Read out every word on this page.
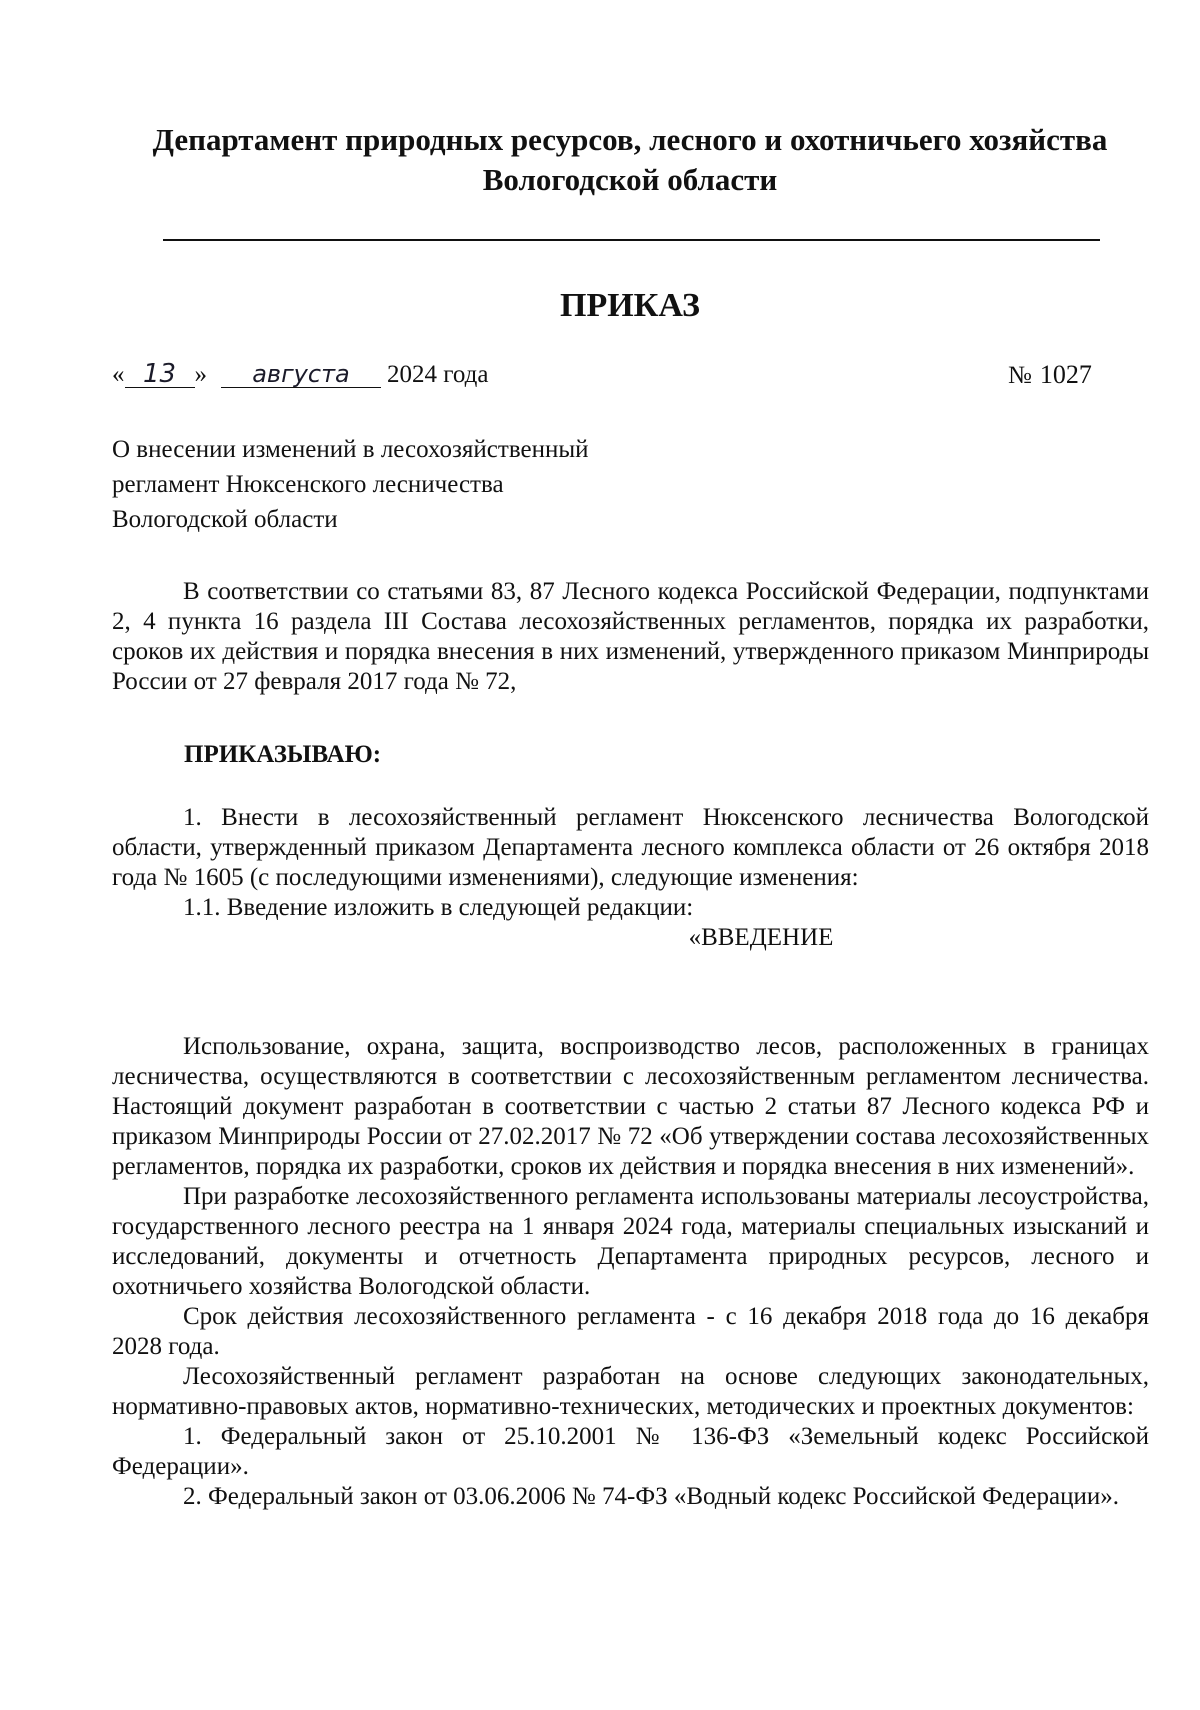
Департамент природных ресурсов, лесного и охотничьего хозяйства
Вологодской области
ПРИКАЗ
« 13 » августа 2024 года	№ 1027
О внесении изменений в лесохозяйственный
регламент Нюксенского лесничества
Вологодской области

В соответствии со статьями 83, 87 Лесного кодекса Российской Федерации, подпунктами 2, 4 пункта 16 раздела III Состава лесохозяйственных регламентов, порядка их разработки, сроков их действия и порядка внесения в них изменений, утвержденного приказом Минприроды России от 27 февраля 2017 года № 72,

ПРИКАЗЫВАЮ:

1. Внести в лесохозяйственный регламент Нюксенского лесничества Вологодской области, утвержденный приказом Департамента лесного комплекса области от 26 октября 2018 года № 1605 (с последующими изменениями), следующие изменения:

1.1. Введение изложить в следующей редакции:

«ВВЕДЕНИЕ

Использование, охрана, защита, воспроизводство лесов, расположенных в границах лесничества, осуществляются в соответствии с лесохозяйственным регламентом лесничества. Настоящий документ разработан в соответствии с частью 2 статьи 87 Лесного кодекса РФ и приказом Минприроды России от 27.02.2017 № 72 «Об утверждении состава лесохозяйственных регламентов, порядка их разработки, сроков их действия и порядка внесения в них изменений».

При разработке лесохозяйственного регламента использованы материалы лесоустройства, государственного лесного реестра на 1 января 2024 года, материалы специальных изысканий и исследований, документы и отчетность Департамента природных ресурсов, лесного и охотничьего хозяйства Вологодской области.

Срок действия лесохозяйственного регламента - с 16 декабря 2018 года до 16 декабря 2028 года.

Лесохозяйственный регламент разработан на основе следующих законодательных, нормативно-правовых актов, нормативно-технических, методических и проектных документов:

1. Федеральный закон от 25.10.2001 № 136-ФЗ «Земельный кодекс Российской Федерации».

2. Федеральный закон от 03.06.2006 № 74-ФЗ «Водный кодекс Российской Федерации».
